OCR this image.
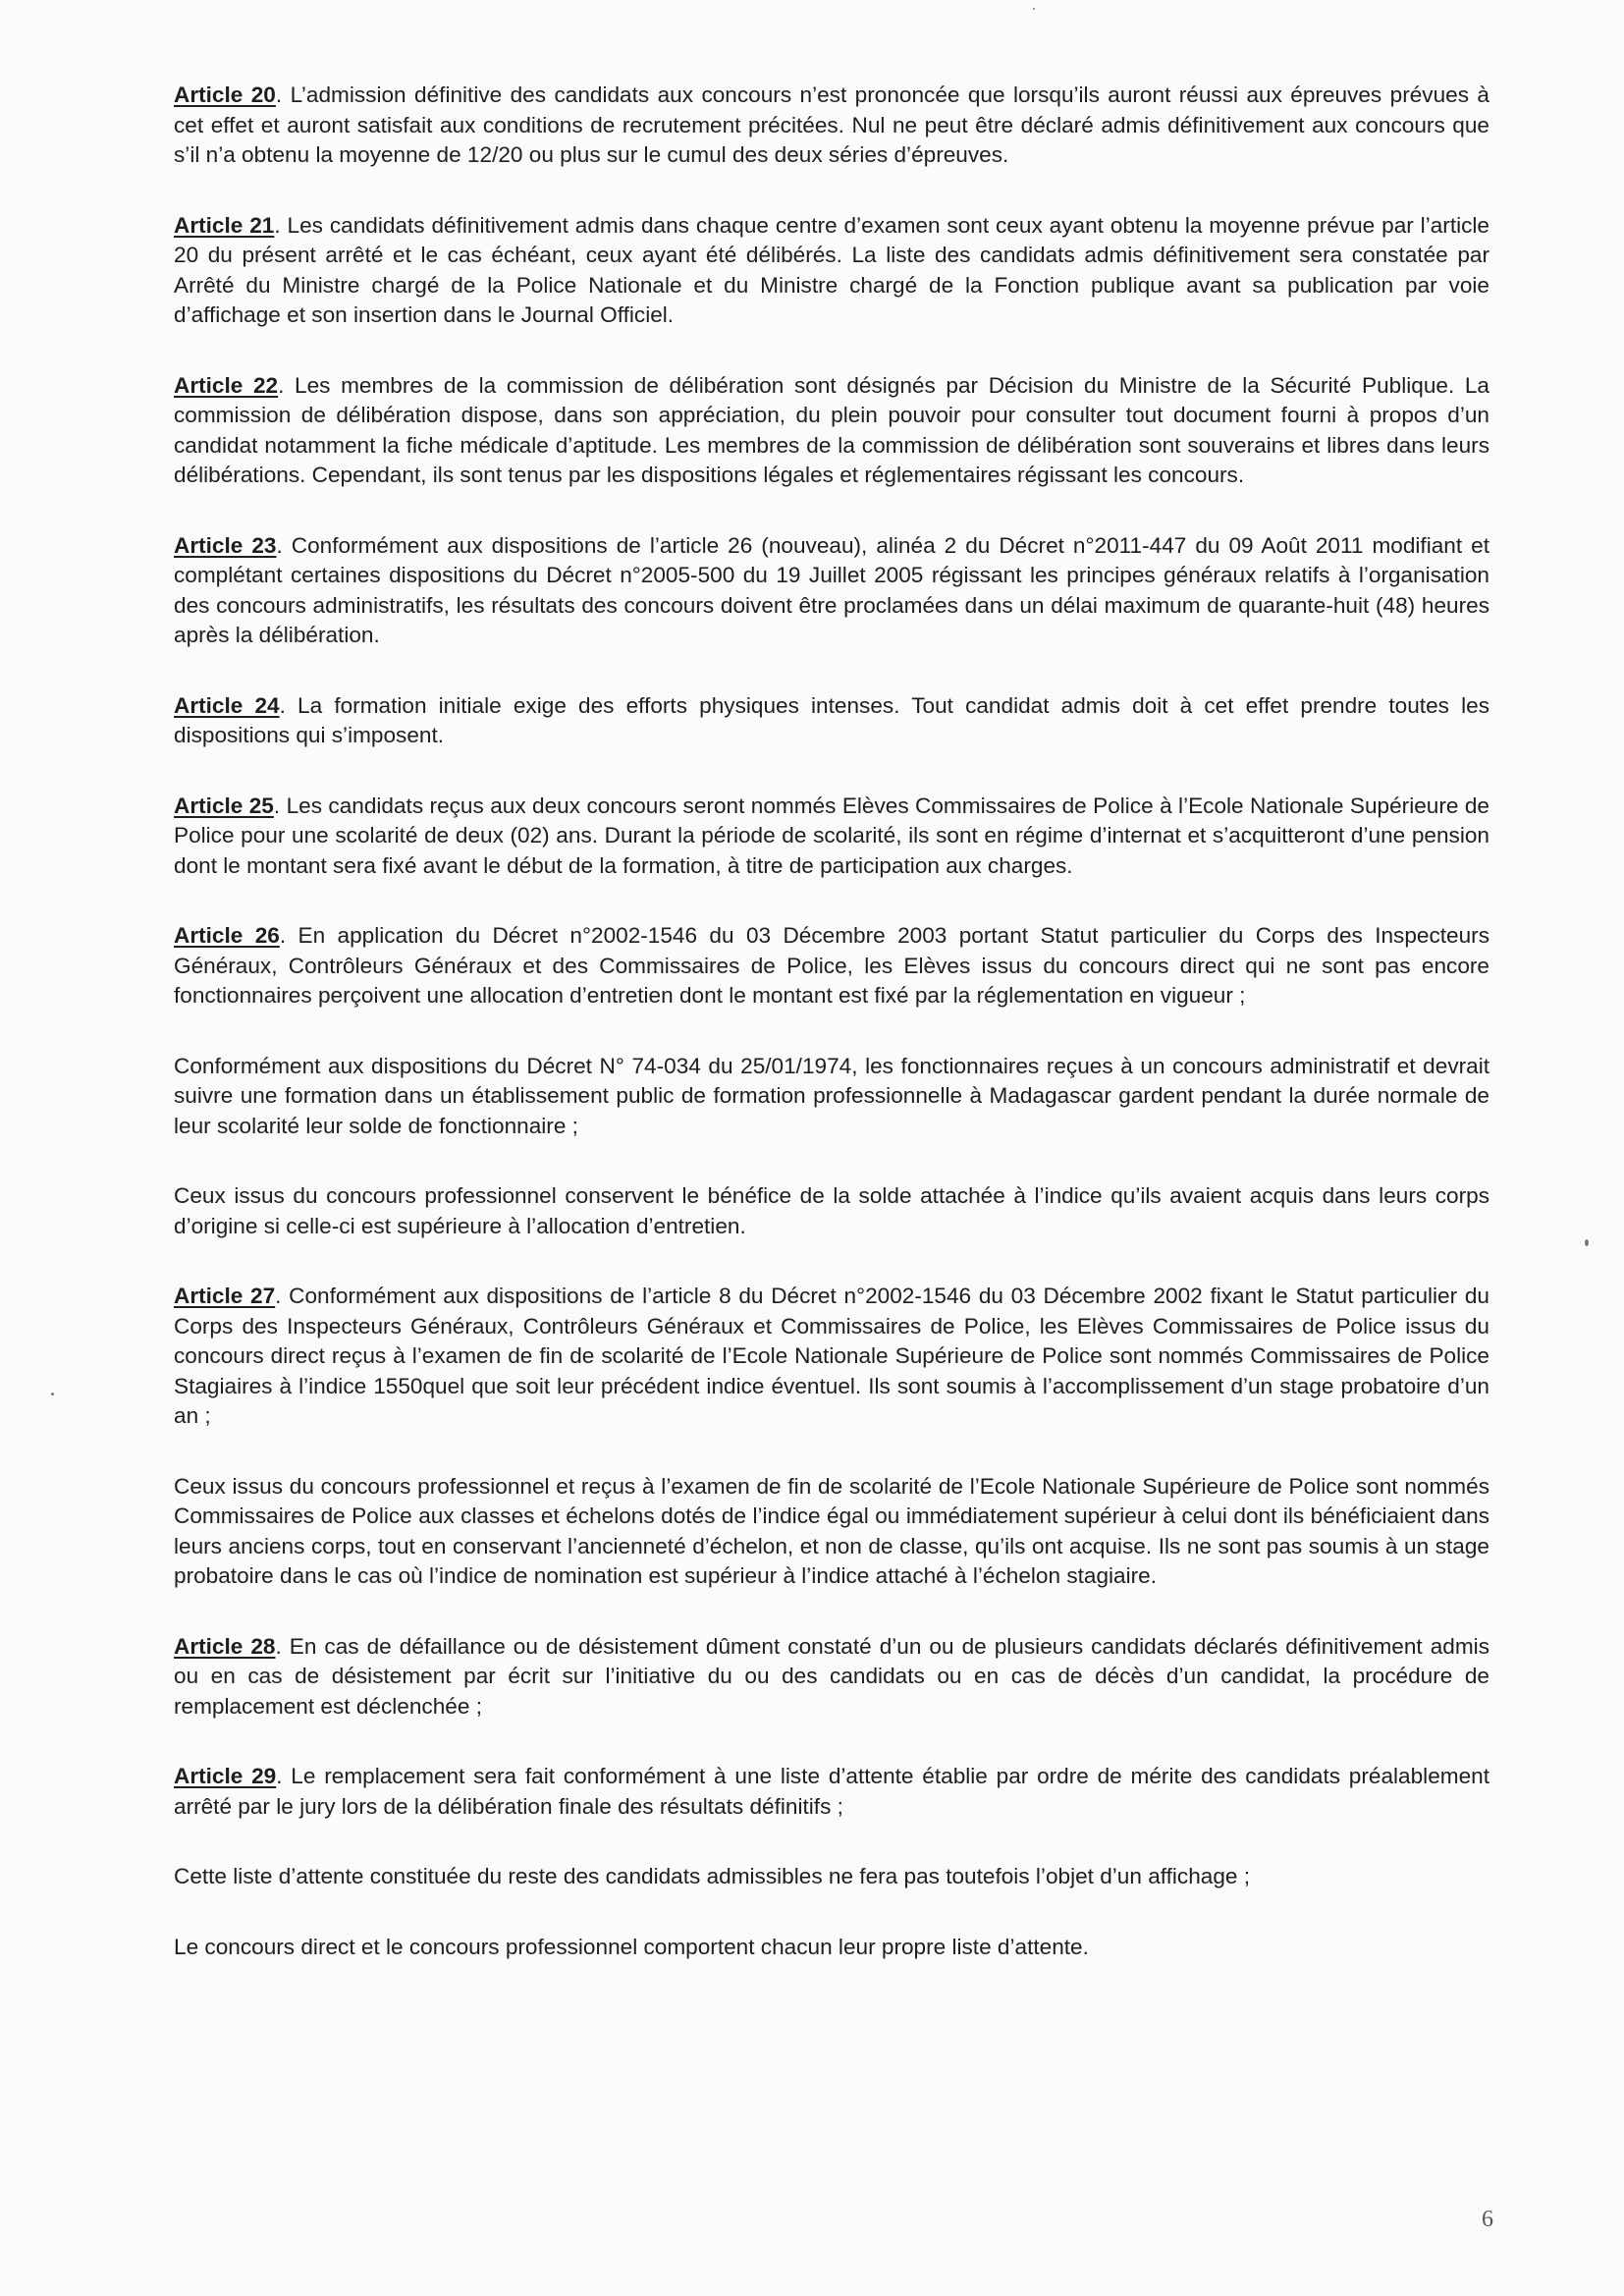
Article 20. L’admission définitive des candidats aux concours n’est prononcée que lorsqu’ils auront réussi aux épreuves prévues à cet effet et auront satisfait aux conditions de recrutement précitées. Nul ne peut être déclaré admis définitivement aux concours que s’il n’a obtenu la moyenne de 12/20 ou plus sur le cumul des deux séries d’épreuves.

Article 21. Les candidats définitivement admis dans chaque centre d’examen sont ceux ayant obtenu la moyenne prévue par l’article 20 du présent arrêté et le cas échéant, ceux ayant été délibérés. La liste des candidats admis définitivement sera constatée par Arrêté du Ministre chargé de la Police Nationale et du Ministre chargé de la Fonction publique avant sa publication par voie d’affichage et son insertion dans le Journal Officiel.

Article 22. Les membres de la commission de délibération sont désignés par Décision du Ministre de la Sécurité Publique. La commission de délibération dispose, dans son appréciation, du plein pouvoir pour consulter tout document fourni à propos d’un candidat notamment la fiche médicale d’aptitude. Les membres de la commission de délibération sont souverains et libres dans leurs délibérations. Cependant, ils sont tenus par les dispositions légales et réglementaires régissant les concours.

Article 23. Conformément aux dispositions de l’article 26 (nouveau), alinéa 2 du Décret n°2011-447 du 09 Août 2011 modifiant et complétant certaines dispositions du Décret n°2005-500 du 19 Juillet 2005 régissant les principes généraux relatifs à l’organisation des concours administratifs, les résultats des concours doivent être proclamées dans un délai maximum de quarante-huit (48) heures après la délibération.

Article 24. La formation initiale exige des efforts physiques intenses. Tout candidat admis doit à cet effet prendre toutes les dispositions qui s’imposent.

Article 25. Les candidats reçus aux deux concours seront nommés Elèves Commissaires de Police à l’Ecole Nationale Supérieure de Police pour une scolarité de deux (02) ans. Durant la période de scolarité, ils sont en régime d’internat et s’acquitteront d’une pension dont le montant sera fixé avant le début de la formation, à titre de participation aux charges.

Article 26. En application du Décret n°2002-1546 du 03 Décembre 2003 portant Statut particulier du Corps des Inspecteurs Généraux, Contrôleurs Généraux et des Commissaires de Police, les Elèves issus du concours direct qui ne sont pas encore fonctionnaires perçoivent une allocation d’entretien dont le montant est fixé par la réglementation en vigueur ;

Conformément aux dispositions du Décret N° 74-034 du 25/01/1974, les fonctionnaires reçues à un concours administratif et devrait suivre une formation dans un établissement public de formation professionnelle à Madagascar gardent pendant la durée normale de leur scolarité leur solde de fonctionnaire ;

Ceux issus du concours professionnel conservent le bénéfice de la solde attachée à l’indice qu’ils avaient acquis dans leurs corps d’origine si celle-ci est supérieure à l’allocation d’entretien.

Article 27. Conformément aux dispositions de l’article 8 du Décret n°2002-1546 du 03 Décembre 2002 fixant le Statut particulier du Corps des Inspecteurs Généraux, Contrôleurs Généraux et Commissaires de Police, les Elèves Commissaires de Police issus du concours direct reçus à l’examen de fin de scolarité de l’Ecole Nationale Supérieure de Police sont nommés Commissaires de Police Stagiaires à l’indice 1550quel que soit leur précédent indice éventuel. Ils sont soumis à l’accomplissement d’un stage probatoire d’un an ;

Ceux issus du concours professionnel et reçus à l’examen de fin de scolarité de l’Ecole Nationale Supérieure de Police sont nommés Commissaires de Police aux classes et échelons dotés de l’indice égal ou immédiatement supérieur à celui dont ils bénéficiaient dans leurs anciens corps, tout en conservant l’ancienneté d’échelon, et non de classe, qu’ils ont acquise. Ils ne sont pas soumis à un stage probatoire dans le cas où l’indice de nomination est supérieur à l’indice attaché à l’échelon stagiaire.

Article 28. En cas de défaillance ou de désistement dûment constaté d’un ou de plusieurs candidats déclarés définitivement admis ou en cas de désistement par écrit sur l’initiative du ou des candidats ou en cas de décès d’un candidat, la procédure de remplacement est déclenchée ;

Article 29. Le remplacement sera fait conformément à une liste d’attente établie par ordre de mérite des candidats préalablement arrêté par le jury lors de la délibération finale des résultats définitifs ;

Cette liste d’attente constituée du reste des candidats admissibles ne fera pas toutefois l’objet d’un affichage ;

Le concours direct et le concours professionnel comportent chacun leur propre liste d’attente.

6
